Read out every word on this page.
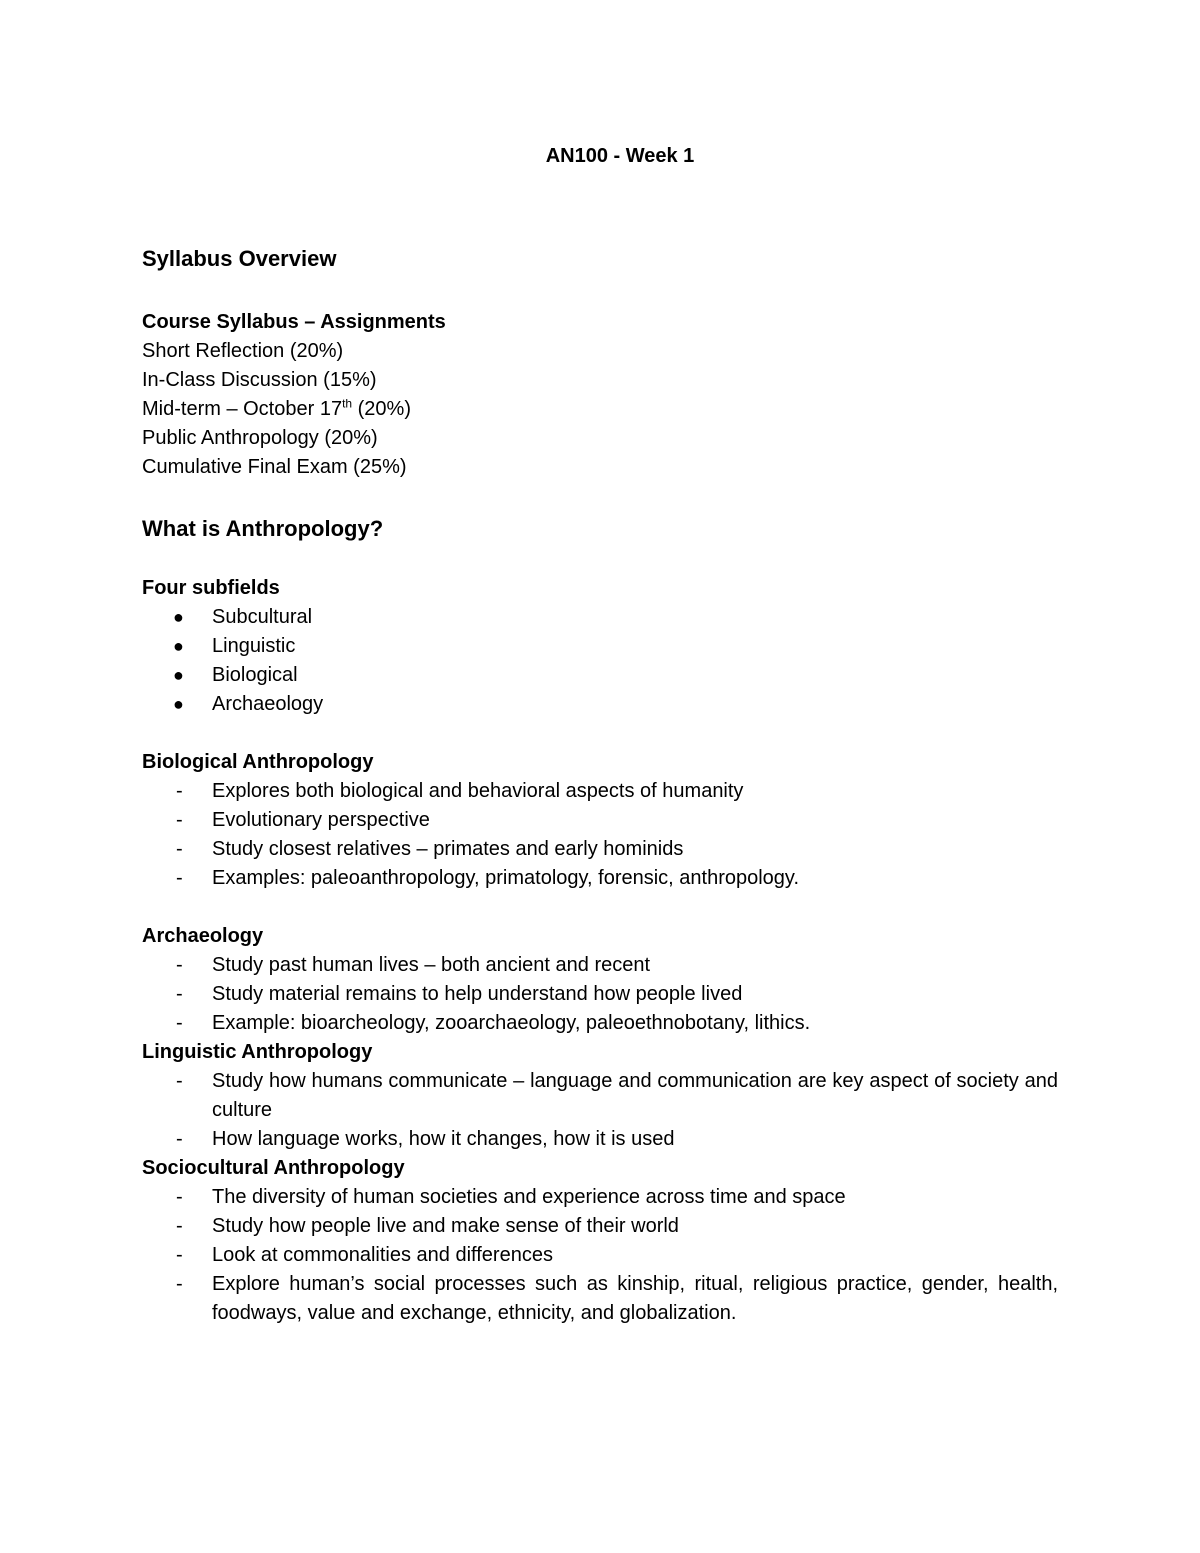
AN100 - Week 1
Syllabus Overview
Course Syllabus – Assignments
Short Reflection (20%)
In-Class Discussion (15%)
Mid-term – October 17th (20%)
Public Anthropology (20%)
Cumulative Final Exam (25%)
What is Anthropology?
Four subfields
● Subcultural
● Linguistic
● Biological
● Archaeology
Biological Anthropology
- Explores both biological and behavioral aspects of humanity
- Evolutionary perspective
- Study closest relatives – primates and early hominids
- Examples: paleoanthropology, primatology, forensic, anthropology.
Archaeology
- Study past human lives – both ancient and recent
- Study material remains to help understand how people lived
- Example: bioarcheology, zooarchaeology, paleoethnobotany, lithics.
Linguistic Anthropology
- Study how humans communicate – language and communication are key aspect of society and culture
- How language works, how it changes, how it is used
Sociocultural Anthropology
- The diversity of human societies and experience across time and space
- Study how people live and make sense of their world
- Look at commonalities and differences
- Explore human’s social processes such as kinship, ritual, religious practice, gender, health, foodways, value and exchange, ethnicity, and globalization.
